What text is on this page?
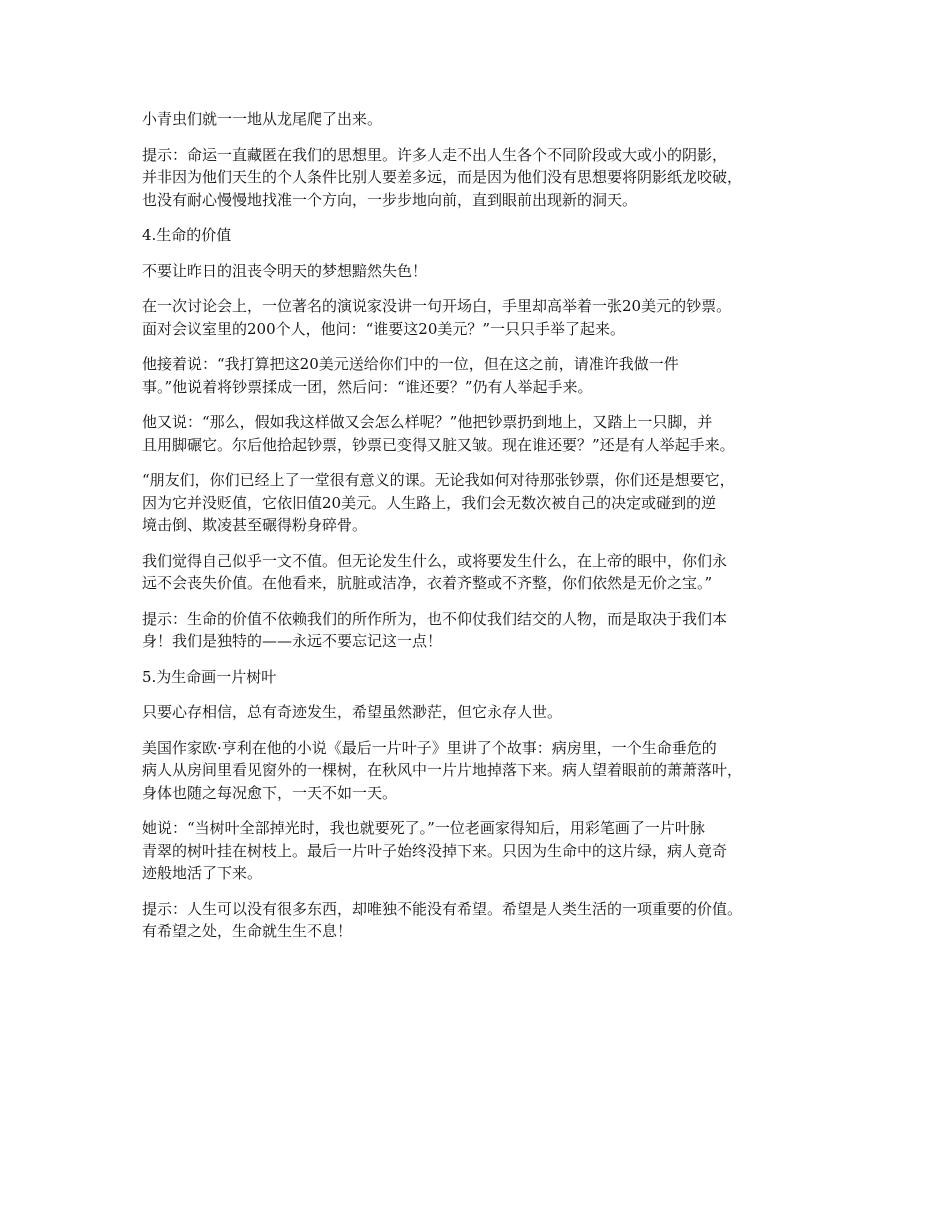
小青虫们就一一地从龙尾爬了出来。

提示：命运一直藏匿在我们的思想里。许多人走不出人生各个不同阶段或大或小的阴影，
并非因为他们天生的个人条件比别人要差多远，而是因为他们没有思想要将阴影纸龙咬破，
也没有耐心慢慢地找准一个方向，一步步地向前，直到眼前出现新的洞天。

4.生命的价值

不要让昨日的沮丧令明天的梦想黯然失色！

在一次讨论会上，一位著名的演说家没讲一句开场白，手里却高举着一张20美元的钞票。
面对会议室里的200个人，他问：“谁要这20美元？”一只只手举了起来。

他接着说：“我打算把这20美元送给你们中的一位，但在这之前，请准许我做一件
事。”他说着将钞票揉成一团，然后问：“谁还要？”仍有人举起手来。

他又说：“那么，假如我这样做又会怎么样呢？”他把钞票扔到地上，又踏上一只脚，并
且用脚碾它。尔后他拾起钞票，钞票已变得又脏又皱。现在谁还要？”还是有人举起手来。

“朋友们，你们已经上了一堂很有意义的课。无论我如何对待那张钞票，你们还是想要它，
因为它并没贬值，它依旧值20美元。人生路上，我们会无数次被自己的决定或碰到的逆
境击倒、欺凌甚至碾得粉身碎骨。

我们觉得自己似乎一文不值。但无论发生什么，或将要发生什么，在上帝的眼中，你们永
远不会丧失价值。在他看来，肮脏或洁净，衣着齐整或不齐整，你们依然是无价之宝。”

提示：生命的价值不依赖我们的所作所为，也不仰仗我们结交的人物，而是取决于我们本
身！我们是独特的——永远不要忘记这一点！

5.为生命画一片树叶

只要心存相信，总有奇迹发生，希望虽然渺茫，但它永存人世。

美国作家欧·亨利在他的小说《最后一片叶子》里讲了个故事：病房里，一个生命垂危的
病人从房间里看见窗外的一棵树，在秋风中一片片地掉落下来。病人望着眼前的萧萧落叶，
身体也随之每况愈下，一天不如一天。

她说：“当树叶全部掉光时，我也就要死了。”一位老画家得知后，用彩笔画了一片叶脉
青翠的树叶挂在树枝上。最后一片叶子始终没掉下来。只因为生命中的这片绿，病人竟奇
迹般地活了下来。

提示：人生可以没有很多东西，却唯独不能没有希望。希望是人类生活的一项重要的价值。
有希望之处，生命就生生不息！
